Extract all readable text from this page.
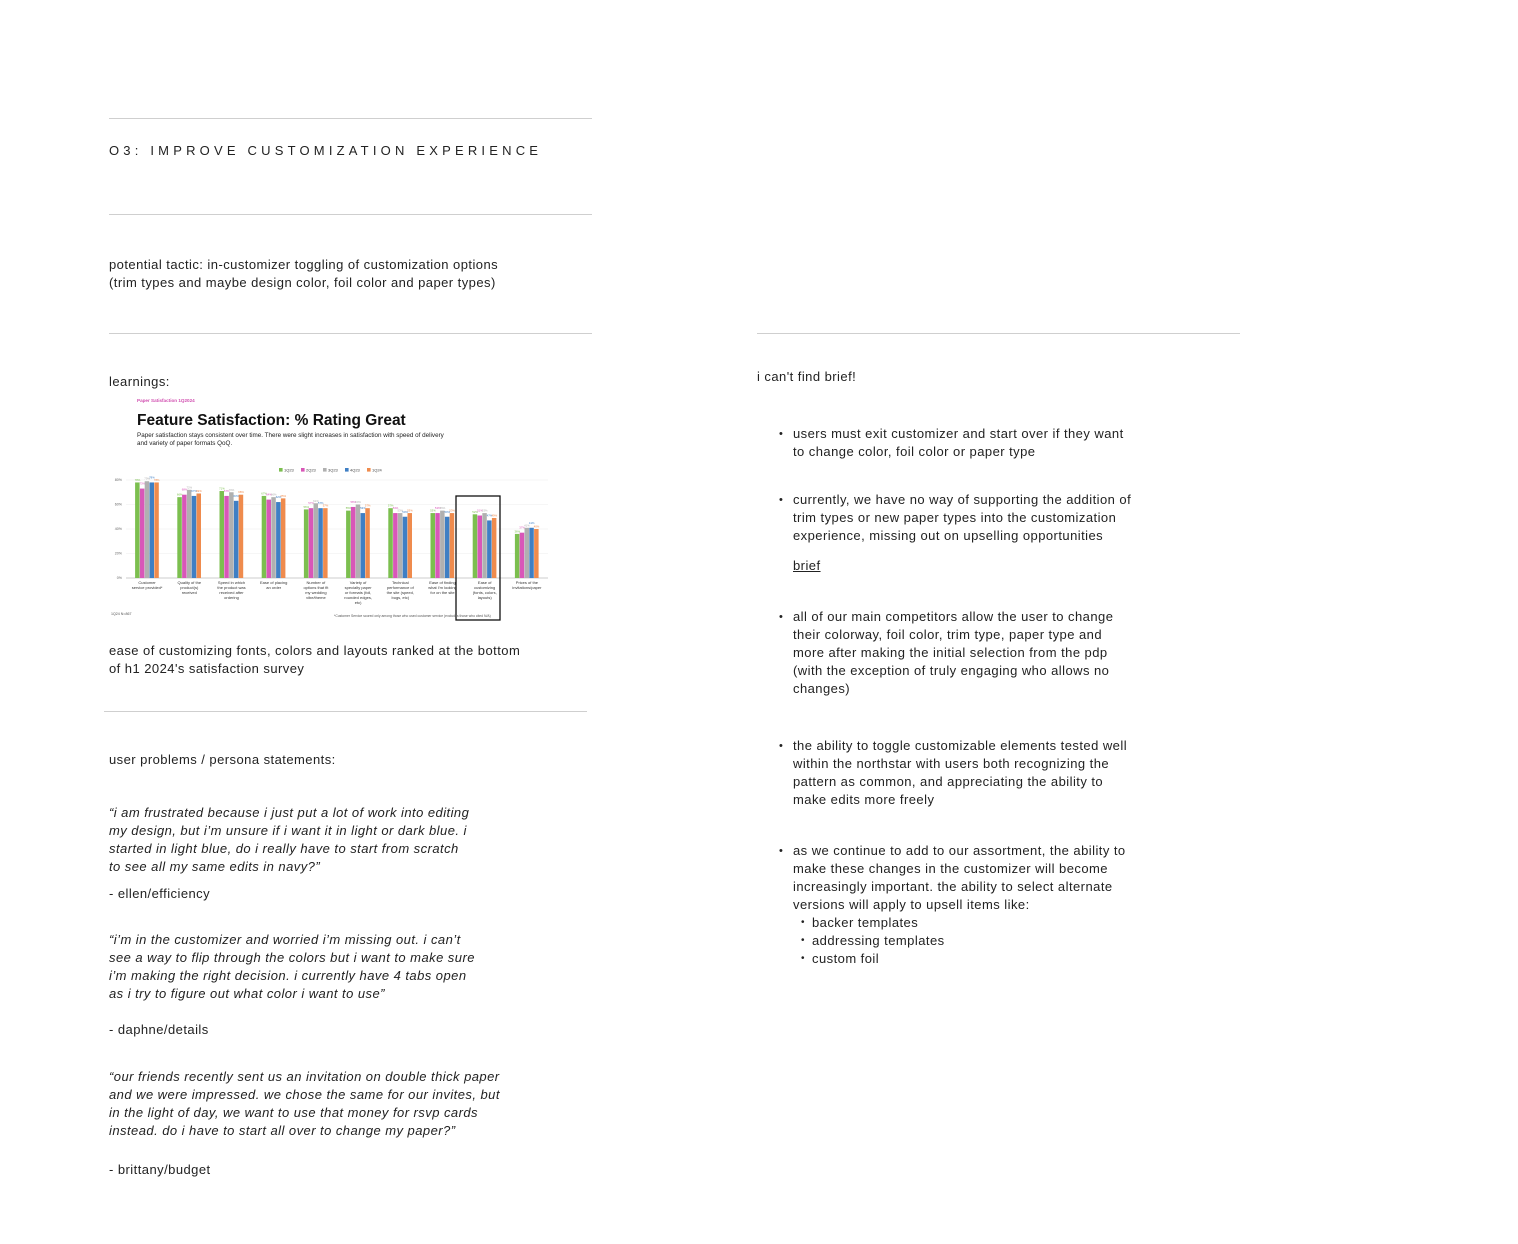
O3: IMPROVE CUSTOMIZATION EXPERIENCE
potential tactic: in-customizer toggling of customization options
(trim types and maybe design color, foil color and paper types)
learnings:
Paper Satisfaction 1Q2024
Feature Satisfaction: % Rating Great
Paper satisfaction stays consistent over time. There were slight increases in satisfaction with speed of delivery
and variety of paper formats QoQ.
1Q23	2Q23	3Q23	4Q23	1Q24
0%
20%
40%
60%
80%	78%
73%
79% 78%
78%
66%
68%
72%
67% 69%
71%
67% 70%
63%
68%	67% 64% 66%
62% 65%
56%
57%
61%
57%
57%
55%
58% 60%
53%
57%	57%
53%
53% 50% 53%	53%
53% 55%
50% 53%	52% 51% 53%
47% 49%
36%
37%
41%
41%
40%
Customer service provided*
Quality of the product(s) received
Speed in which the product was received after ordering
Ease of placing an order
Number of options that fit my wedding vibe/theme
Variety of specialty paper or formats (foil, rounded edges, etc)
Technical performance of the site (speed, bugs, etc)
Ease of finding what I'm looking for on the site
Ease of customizing (fonts, colors, layouts)
Prices of the invitations/paper
*Customer Service scored only among those who used customer service (excludes those who cited N/A)
1Q24 N=867
ease of customizing fonts, colors and layouts ranked at the bottom
of h1 2024's satisfaction survey
user problems / persona statements:
“i am frustrated because i just put a lot of work into editing
my design, but i’m unsure if i want it in light or dark blue. i
started in light blue, do i really have to start from scratch
to see all my same edits in navy?”
- ellen/efficiency
“i’m in the customizer and worried i’m missing out. i can’t
see a way to flip through the colors but i want to make sure
i’m making the right decision. i currently have 4 tabs open
as i try to figure out what color i want to use”
- daphne/details
“our friends recently sent us an invitation on double thick paper
and we were impressed. we chose the same for our invites, but
in the light of day, we want to use that money for rsvp cards
instead. do i have to start all over to change my paper?”
- brittany/budget
i can't find brief!
• users must exit customizer and start over if they want
to change color, foil color or paper type
• currently, we have no way of supporting the addition of
trim types or new paper types into the customization
experience, missing out on upselling opportunities
brief
• all of our main competitors allow the user to change
their colorway, foil color, trim type, paper type and
more after making the initial selection from the pdp
(with the exception of truly engaging who allows no
changes)
• the ability to toggle customizable elements tested well
within the northstar with users both recognizing the
pattern as common, and appreciating the ability to
make edits more freely
• as we continue to add to our assortment, the ability to
make these changes in the customizer will become
increasingly important. the ability to select alternate
versions will apply to upsell items like:
• backer templates
• addressing templates
• custom foil
